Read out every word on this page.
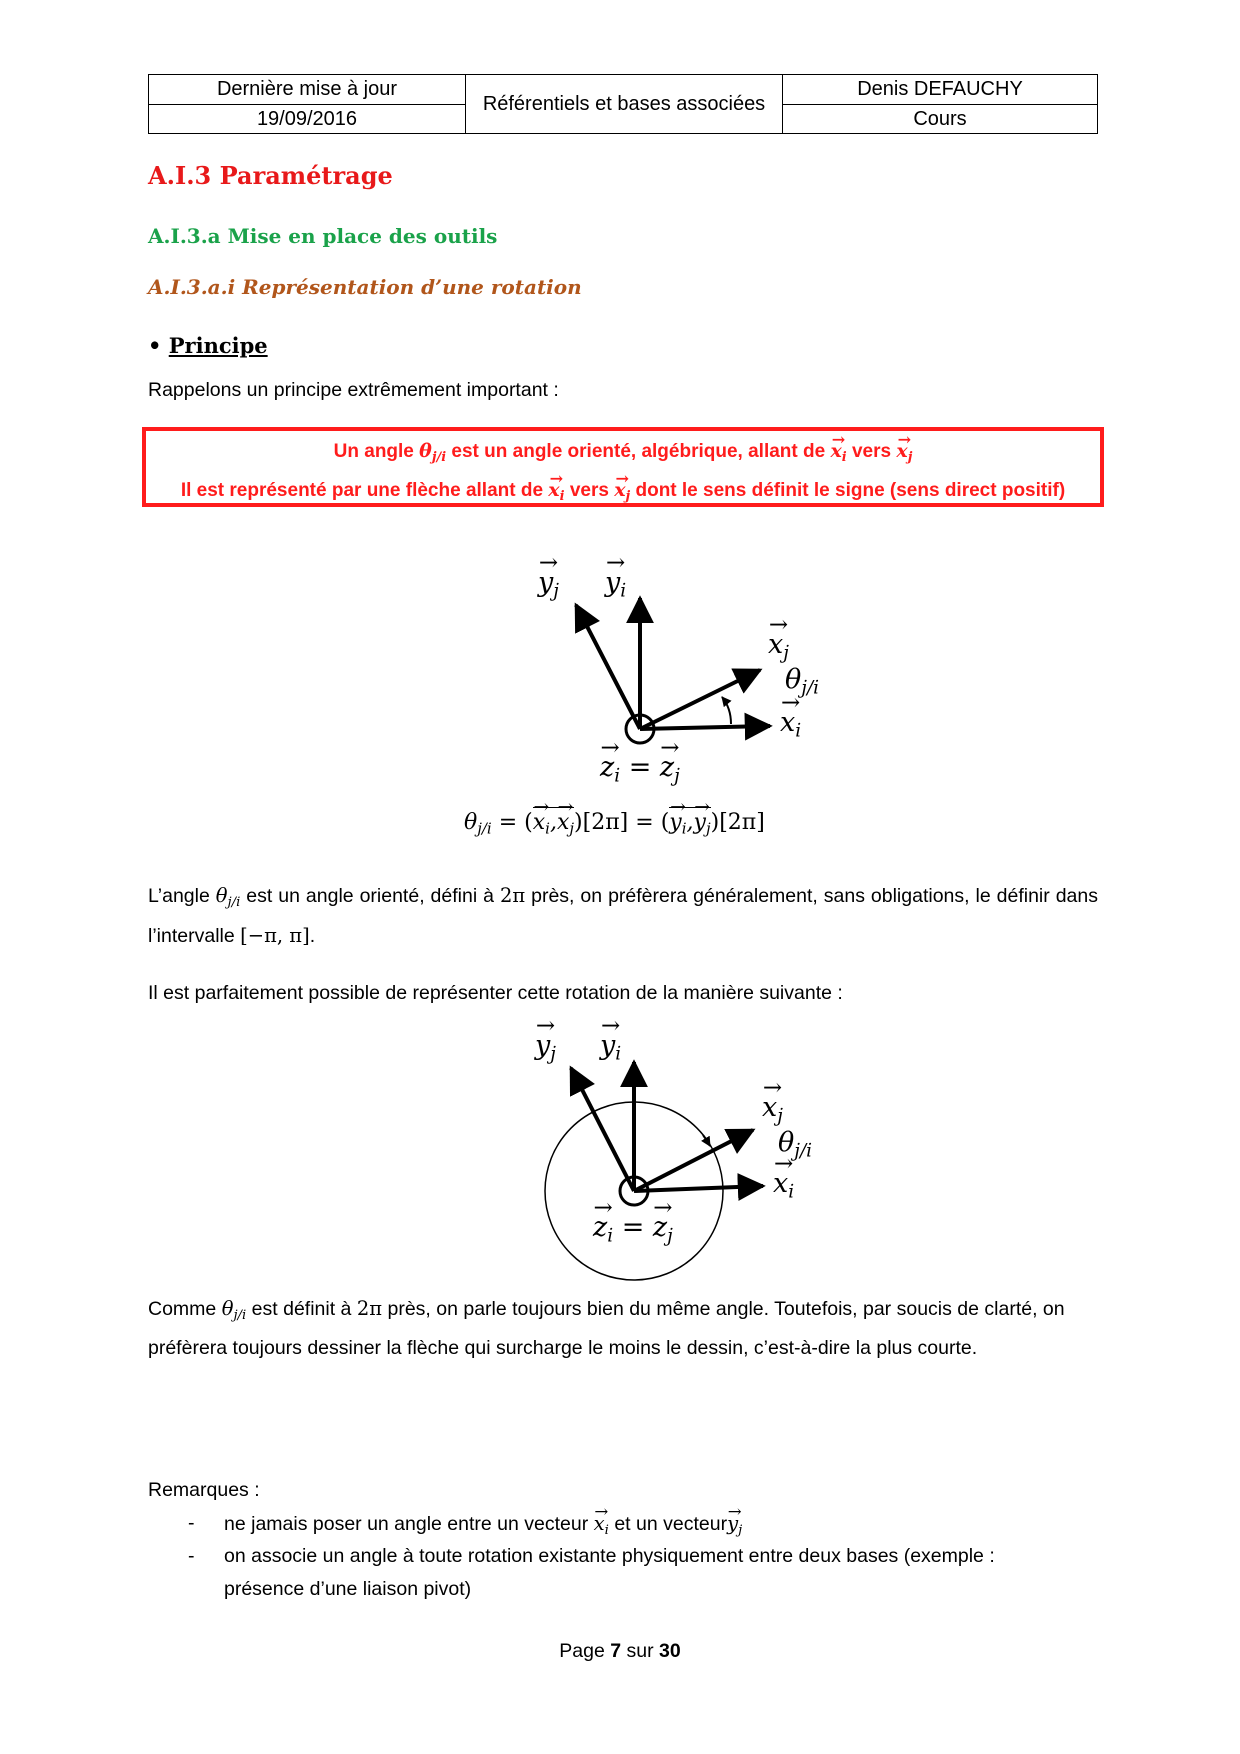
Dernière mise à jour	Référentiels et bases associées	Denis DEFAUCHY
19/09/2016		Cours
A.I.3 Paramétrage
A.I.3.a Mise en place des outils
A.I.3.a.i Représentation d’une rotation
• Principe
Rappelons un principe extrêmement important :
Un angle $\theta_{j/i}$ est un angle orienté, algébrique, allant de → $x_i$ vers → $x_j$
Il est représenté par une flèche allant de → $x_i$ vers → $x_j$ dont le sens définit le signe (sens direct positif)
→ $y_j \to y_i$
→ $x_j$
$\theta_{j/i}$
→ $x_i$
→ $z_i$ = → $z_j$
$\theta_{j/i}$ = (→ $x_i,\to x_j)[2\pi]$ = (→ $y_i,\to y_j)[2\pi]$
L’angle $\theta_{j/i}$ est un angle orienté, défini à 2π près, on préfèrera généralement, sans obligations, le définir dans l’intervalle [−π, π].
Il est parfaitement possible de représenter cette rotation de la manière suivante :
→ $y_j \to y_i$
→ $x_j$
$\theta_{j/i}$
→ $x_i$
→ $z_i$ = → $z_j$
Comme $\theta_{j/i}$ est définit à 2π près, on parle toujours bien du même angle. Toutefois, par soucis de clarté, on préfèrera toujours dessiner la flèche qui surcharge le moins le dessin, c’est-à-dire la plus courte.
Remarques :
- ne jamais poser un angle entre un vecteur → $x_i$ et un vecteur→ $y_j$
- on associe un angle à toute rotation existante physiquement entre deux bases (exemple : présence d’une liaison pivot)
Page 7 sur 30
